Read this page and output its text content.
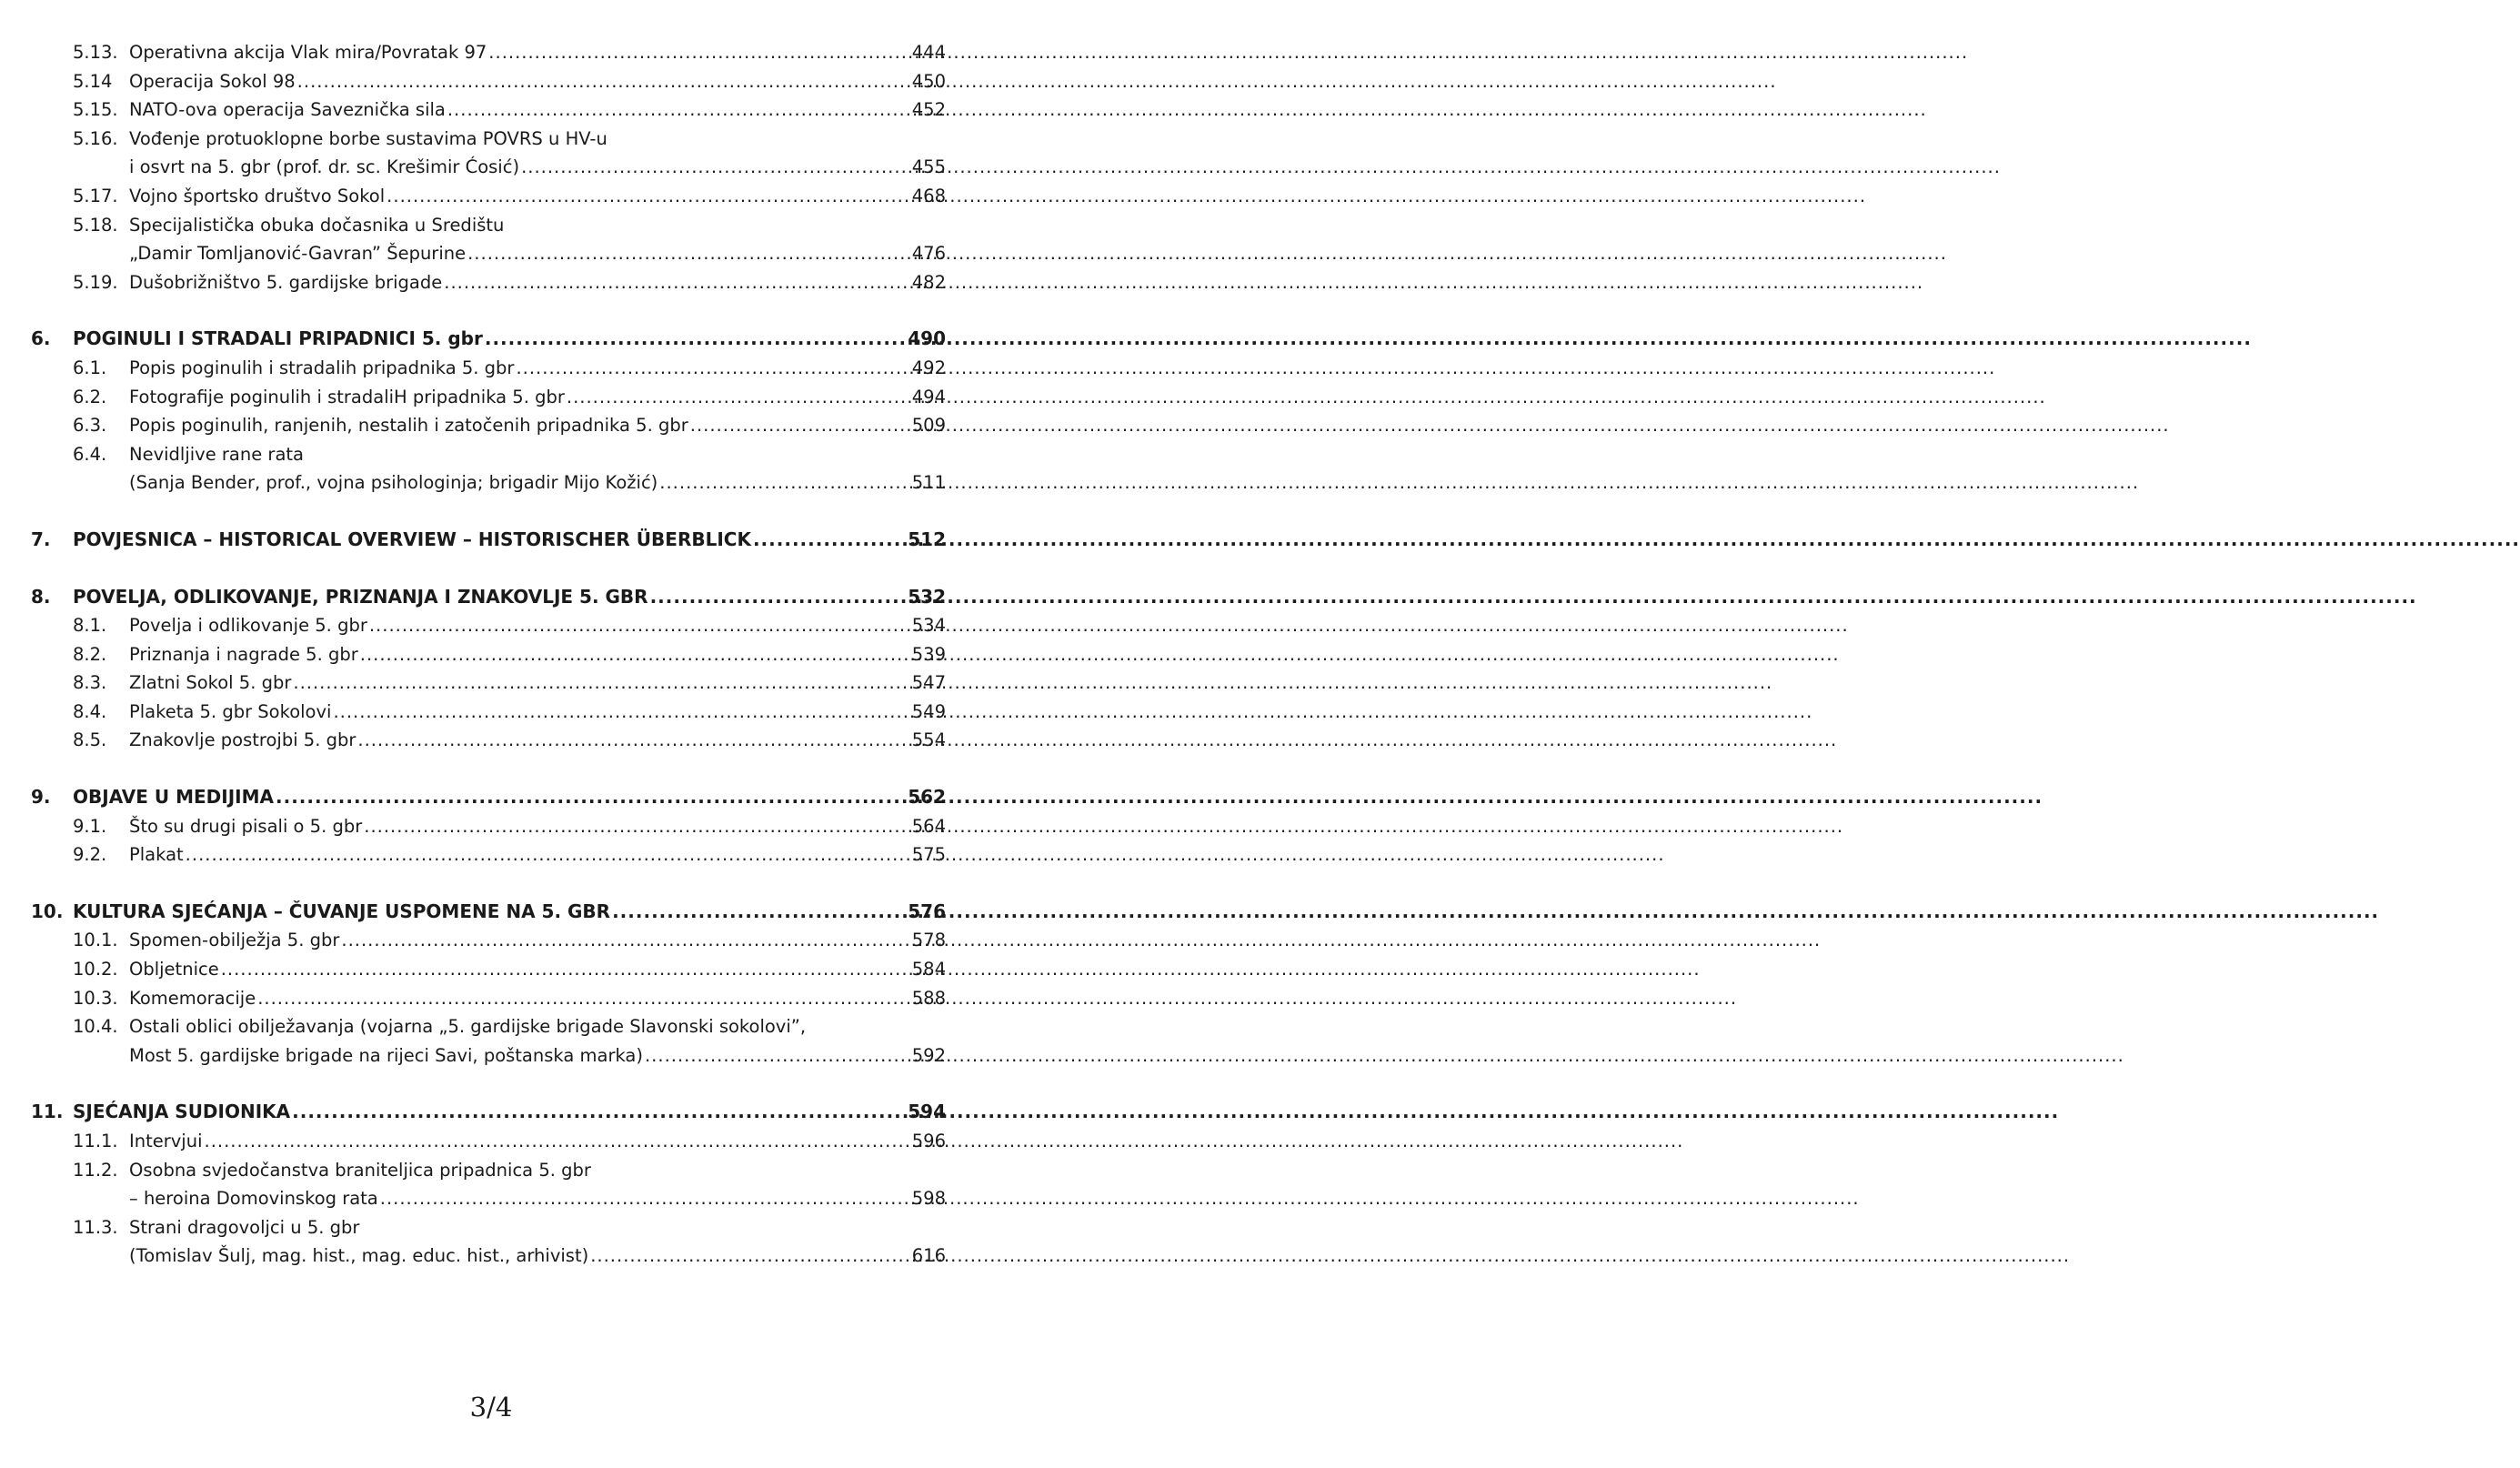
5.13. Operativna akcija Vlak mira/Povratak 97 .....	444
5.14 Operacija Sokol 98 .....	450
5.15. NATO-ova operacija Saveznička sila .....	452
5.16. Vođenje protuoklopne borbe sustavima POVRS u HV-u
i osvrt na 5. gbr (prof. dr. sc. Krešimir Ćosić) .....	455
5.17. Vojno športsko društvo Sokol .....	468
5.18. Specijalistička obuka dočasnika u Središtu
„Damir Tomljanović-Gavran” Šepurine .....	476
5.19. Dušobrižništvo 5. gardijske brigade .....	482
6. POGINULI I STRADALI PRIPADNICI 5. gbr .....	490
6.1. Popis poginulih i stradalih pripadnika 5. gbr .....	492
6.2. Fotografije poginulih i stradaliH pripadnika 5. gbr .....	494
6.3. Popis poginulih, ranjenih, nestalih i zatočenih pripadnika 5. gbr .....	509
6.4. Nevidljive rane rata
(Sanja Bender, prof., vojna psihologinja; brigadir Mijo Kožić) .....	511
7. POVJESNICA – HISTORICAL OVERVIEW – HISTORISCHER ÜBERBLICK .....	512
8. POVELJA, ODLIKOVANJE, PRIZNANJA I ZNAKOVLJE 5. GBR .....	532
8.1. Povelja i odlikovanje 5. gbr .....	534
8.2. Priznanja i nagrade 5. gbr .....	539
8.3. Zlatni Sokol 5. gbr .....	547
8.4. Plaketa 5. gbr Sokolovi .....	549
8.5. Znakovlje postrojbi 5. gbr .....	554
9. OBJAVE U MEDIJIMA .....	562
9.1. Što su drugi pisali o 5. gbr .....	564
9.2. Plakat .....	575
10. KULTURA SJEĆANJA – ČUVANJE USPOMENE NA 5. GBR .....	576
10.1. Spomen-obilježja 5. gbr .....	578
10.2. Obljetnice .....	584
10.3. Komemoracije .....	588
10.4. Ostali oblici obilježavanja (vojarna „5. gardijske brigade Slavonski sokolovi”,
Most 5. gardijske brigade na rijeci Savi, poštanska marka) .....	592
11. SJEĆANJA SUDIONIKA .....	594
11.1. Intervjui .....	596
11.2. Osobna svjedočanstva braniteljica pripadnica 5. gbr
– heroina Domovinskog rata .....	598
11.3. Strani dragovoljci u 5. gbr
(Tomislav Šulj, mag. hist., mag. educ. hist., arhivist) .....	616
3/4
